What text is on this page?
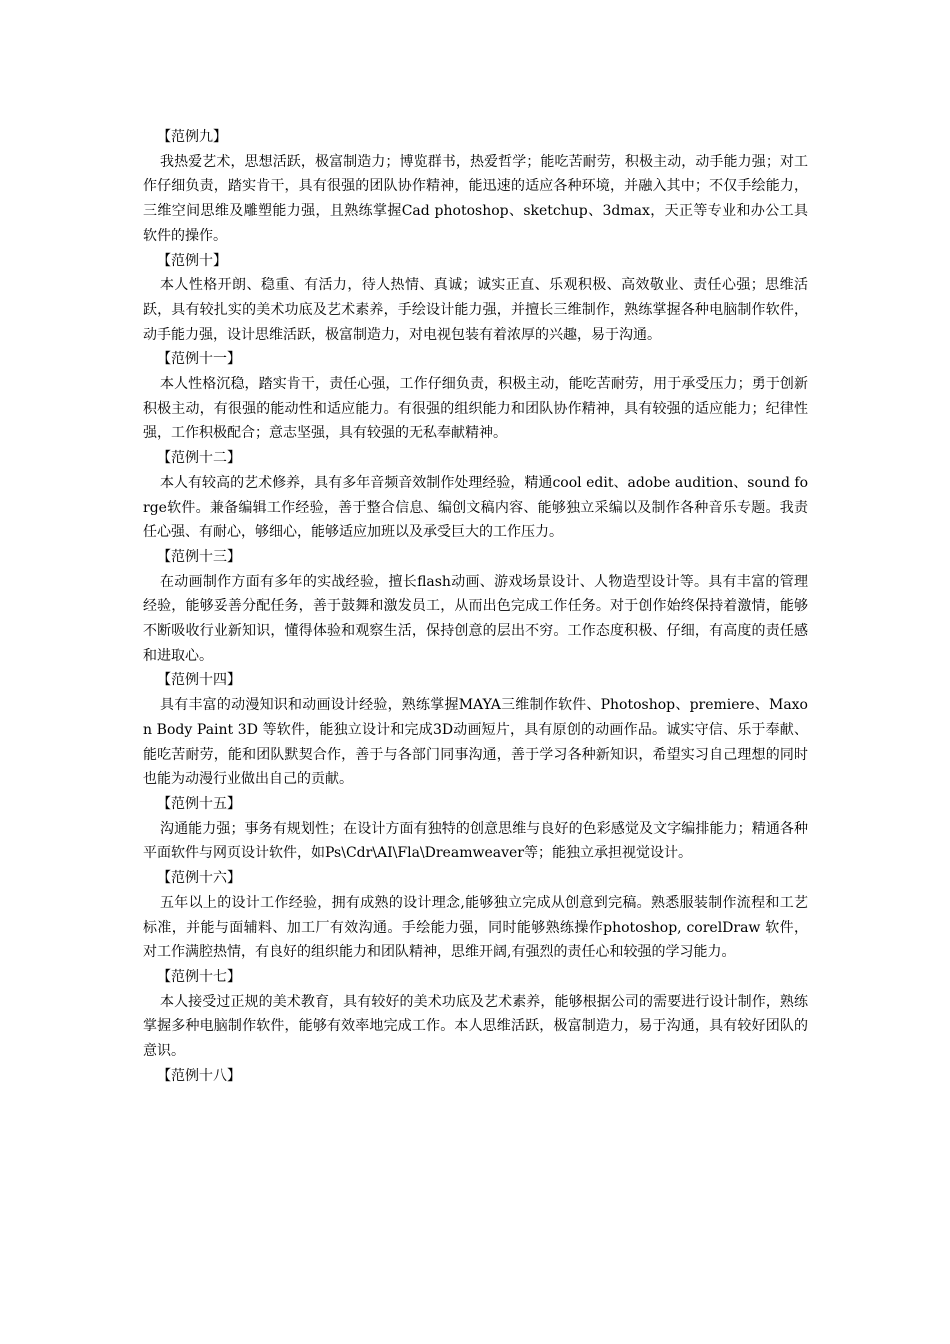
【范例九】

我热爱艺术，思想活跃，极富制造力；博览群书，热爱哲学；能吃苦耐劳，积极主动，动手能力强；对工作仔细负责，踏实肯干，具有很强的团队协作精神，能迅速的适应各种环境，并融入其中；不仅手绘能力，三维空间思维及雕塑能力强，且熟练掌握Cad photoshop、sketchup、3dmax，天正等专业和办公工具软件的操作。

【范例十】

本人性格开朗、稳重、有活力，待人热情、真诚；诚实正直、乐观积极、高效敬业、责任心强；思维活跃，具有较扎实的美术功底及艺术素养，手绘设计能力强，并擅长三维制作，熟练掌握各种电脑制作软件，动手能力强，设计思维活跃，极富制造力，对电视包装有着浓厚的兴趣，易于沟通。

【范例十一】

本人性格沉稳，踏实肯干，责任心强，工作仔细负责，积极主动，能吃苦耐劳，用于承受压力；勇于创新积极主动，有很强的能动性和适应能力。有很强的组织能力和团队协作精神，具有较强的适应能力；纪律性强，工作积极配合；意志坚强，具有较强的无私奉献精神。

【范例十二】

本人有较高的艺术修养，具有多年音频音效制作处理经验，精通cool edit、adobe audition、sound forge软件。兼备编辑工作经验，善于整合信息、编创文稿内容、能够独立采编以及制作各种音乐专题。我责任心强、有耐心，够细心，能够适应加班以及承受巨大的工作压力。

【范例十三】

在动画制作方面有多年的实战经验，擅长flash动画、游戏场景设计、人物造型设计等。具有丰富的管理经验，能够妥善分配任务，善于鼓舞和激发员工，从而出色完成工作任务。对于创作始终保持着激情，能够不断吸收行业新知识，懂得体验和观察生活，保持创意的层出不穷。工作态度积极、仔细，有高度的责任感和进取心。

【范例十四】

具有丰富的动漫知识和动画设计经验，熟练掌握MAYA三维制作软件、Photoshop、premiere、Maxon Body Paint 3D 等软件，能独立设计和完成3D动画短片，具有原创的动画作品。诚实守信、乐于奉献、能吃苦耐劳，能和团队默契合作，善于与各部门同事沟通，善于学习各种新知识，希望实习自己理想的同时也能为动漫行业做出自己的贡献。

【范例十五】

沟通能力强；事务有规划性；在设计方面有独特的创意思维与良好的色彩感觉及文字编排能力；精通各种平面软件与网页设计软件，如Ps\Cdr\AI\Fla\Dreamweaver等；能独立承担视觉设计。

【范例十六】

五年以上的设计工作经验，拥有成熟的设计理念,能够独立完成从创意到完稿。熟悉服装制作流程和工艺标准，并能与面辅料、加工厂有效沟通。手绘能力强，同时能够熟练操作photoshop, corelDraw 软件，对工作满腔热情，有良好的组织能力和团队精神，思维开阔,有强烈的责任心和较强的学习能力。

【范例十七】

本人接受过正规的美术教育，具有较好的美术功底及艺术素养，能够根据公司的需要进行设计制作，熟练掌握多种电脑制作软件，能够有效率地完成工作。本人思维活跃，极富制造力，易于沟通，具有较好团队的意识。

【范例十八】
